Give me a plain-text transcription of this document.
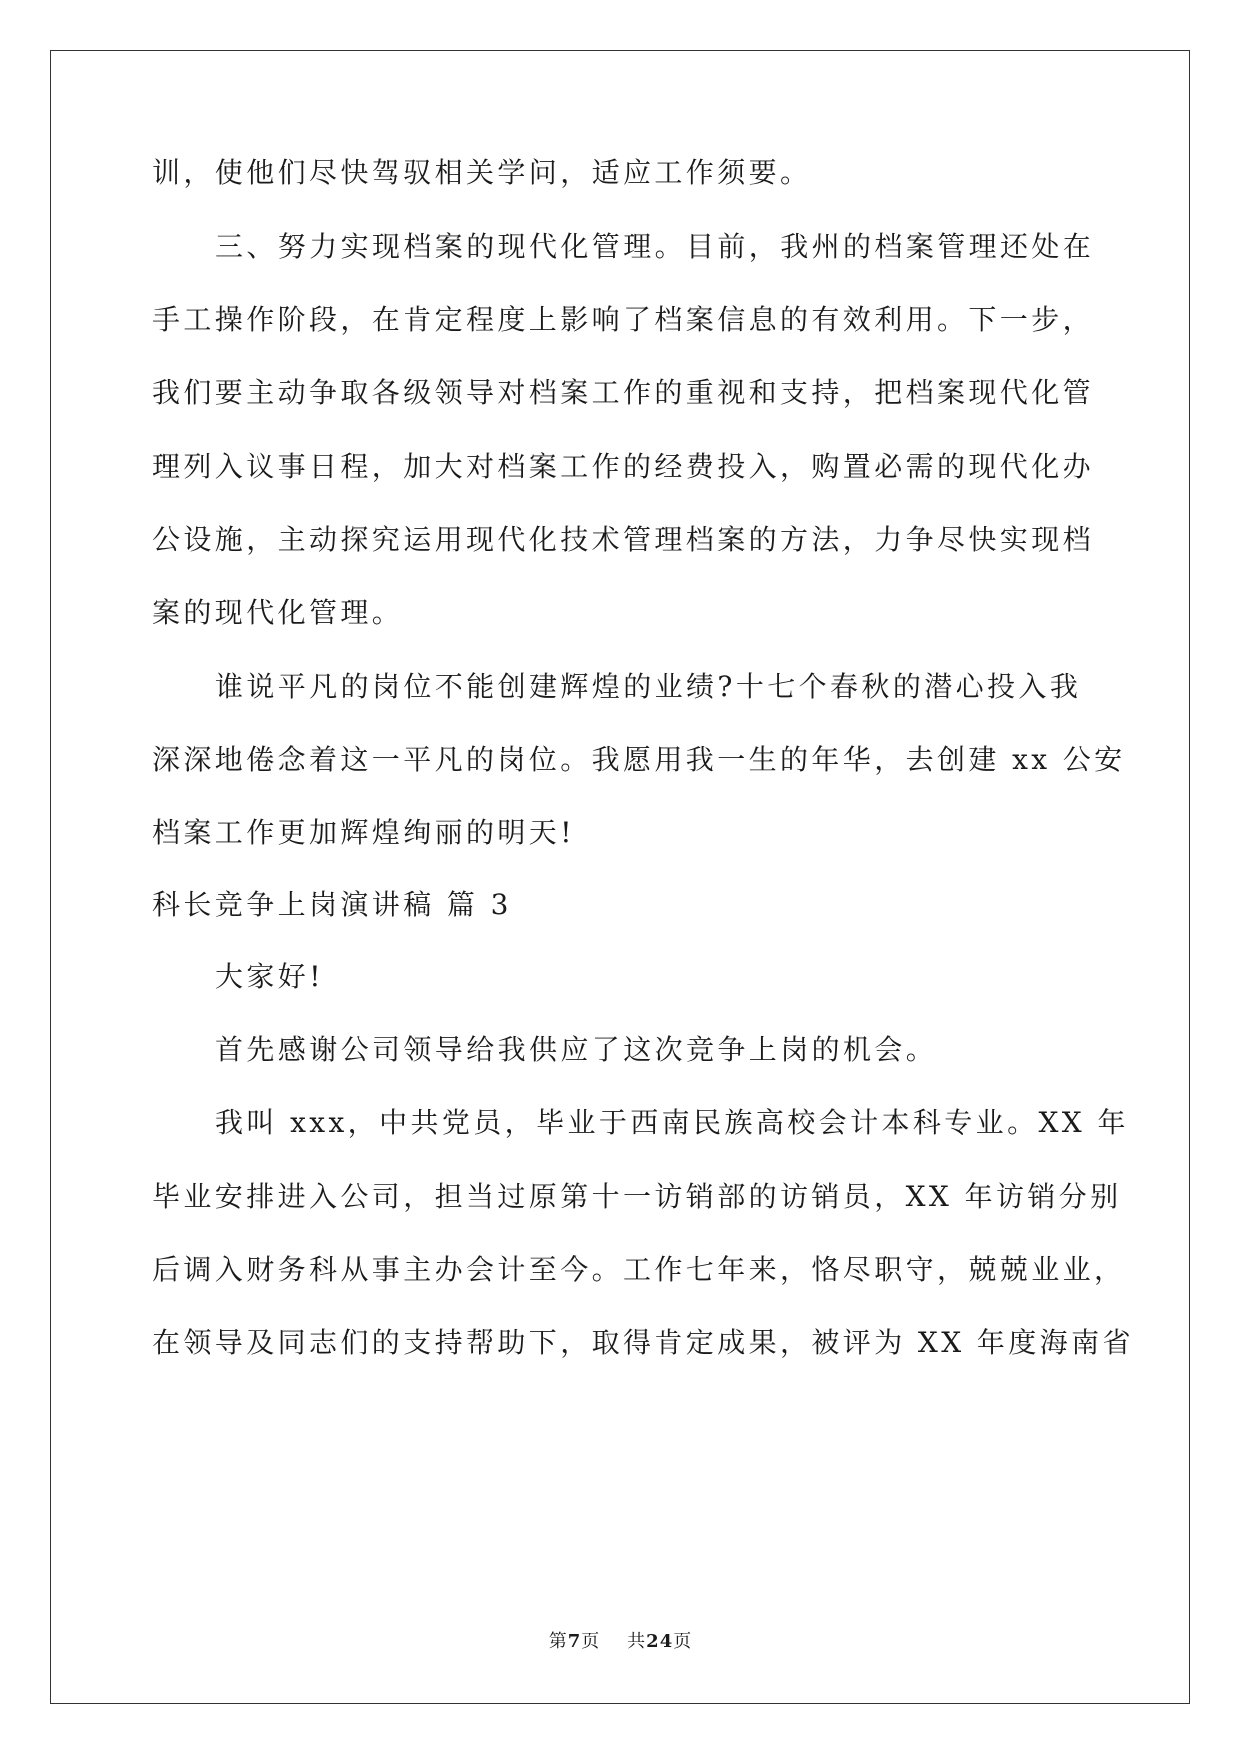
训，使他们尽快驾驭相关学问，适应工作须要。
三、努力实现档案的现代化管理。目前，我州的档案管理还处在
手工操作阶段，在肯定程度上影响了档案信息的有效利用。下一步，
我们要主动争取各级领导对档案工作的重视和支持，把档案现代化管
理列入议事日程，加大对档案工作的经费投入，购置必需的现代化办
公设施，主动探究运用现代化技术管理档案的方法，力争尽快实现档
案的现代化管理。
谁说平凡的岗位不能创建辉煌的业绩?十七个春秋的潜心投入我
深深地倦念着这一平凡的岗位。我愿用我一生的年华，去创建 xx 公安
档案工作更加辉煌绚丽的明天!
科长竞争上岗演讲稿 篇 3
大家好!
首先感谢公司领导给我供应了这次竞争上岗的机会。
我叫 xxx，中共党员，毕业于西南民族高校会计本科专业。XX 年
毕业安排进入公司，担当过原第十一访销部的访销员，XX 年访销分别
后调入财务科从事主办会计至今。工作七年来，恪尽职守，兢兢业业，
在领导及同志们的支持帮助下，取得肯定成果，被评为 XX 年度海南省
第7页 共24页
